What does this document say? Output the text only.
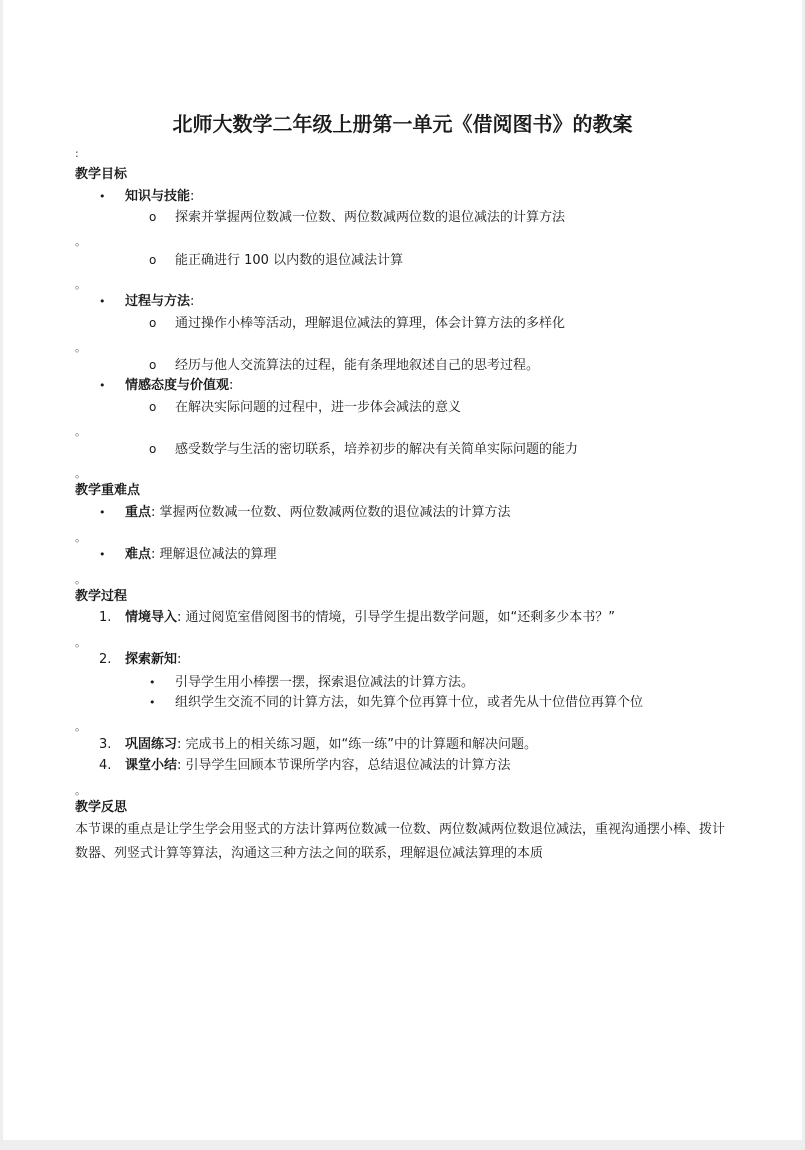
北师大数学二年级上册第一单元《借阅图书》的教案
:
教学目标
• 知识与技能:
o 探索并掌握两位数减一位数、两位数减两位数的退位减法的计算方法
。
o 能正确进行 100 以内数的退位减法计算
。
• 过程与方法:
o 通过操作小棒等活动，理解退位减法的算理，体会计算方法的多样化
。
o 经历与他人交流算法的过程，能有条理地叙述自己的思考过程。
• 情感态度与价值观:
o 在解决实际问题的过程中，进一步体会减法的意义
。
o 感受数学与生活的密切联系，培养初步的解决有关简单实际问题的能力
。
教学重难点
• 重点: 掌握两位数减一位数、两位数减两位数的退位减法的计算方法
。
• 难点: 理解退位减法的算理
。
教学过程
1. 情境导入: 通过阅览室借阅图书的情境，引导学生提出数学问题，如“还剩多少本书？”
。
2. 探索新知:
• 引导学生用小棒摆一摆，探索退位减法的计算方法。
• 组织学生交流不同的计算方法，如先算个位再算十位，或者先从十位借位再算个位
。
3. 巩固练习: 完成书上的相关练习题，如“练一练”中的计算题和解决问题。
4. 课堂小结: 引导学生回顾本节课所学内容，总结退位减法的计算方法
。
教学反思
本节课的重点是让学生学会用竖式的方法计算两位数减一位数、两位数减两位数退位减法，重视沟通摆小棒、拨计数器、列竖式计算等算法，沟通这三种方法之间的联系，理解退位减法算理的本质
